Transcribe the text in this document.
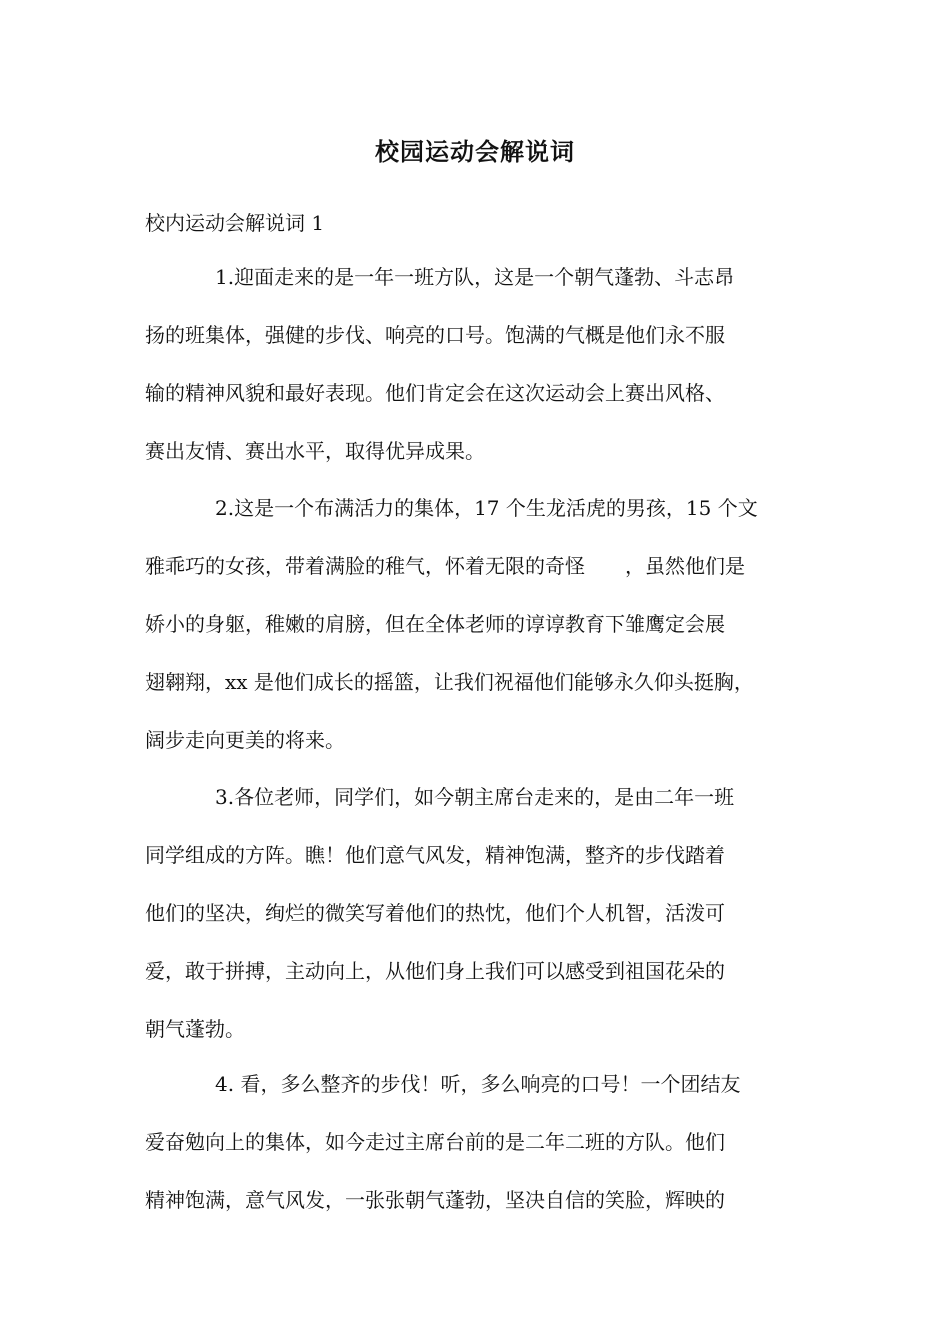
校园运动会解说词
校内运动会解说词 1
1.迎面走来的是一年一班方队，这是一个朝气蓬勃、斗志昂
扬的班集体，强健的步伐、响亮的口号。饱满的气概是他们永不服
输的精神风貌和最好表现。他们肯定会在这次运动会上赛出风格、
赛出友情、赛出水平，取得优异成果。
2.这是一个布满活力的集体，17 个生龙活虎的男孩，15 个文
雅乖巧的女孩，带着满脸的稚气，怀着无限的奇怪　　，虽然他们是
娇小的身躯，稚嫩的肩膀，但在全体老师的谆谆教育下雏鹰定会展
翅翱翔，xx 是他们成长的摇篮，让我们祝福他们能够永久仰头挺胸，
阔步走向更美的将来。
3.各位老师，同学们，如今朝主席台走来的，是由二年一班
同学组成的方阵。瞧！他们意气风发，精神饱满，整齐的步伐踏着
他们的坚决，绚烂的微笑写着他们的热忱，他们个人机智，活泼可
爱，敢于拼搏，主动向上，从他们身上我们可以感受到祖国花朵的
朝气蓬勃。
4. 看，多么整齐的步伐！听，多么响亮的口号！一个团结友
爱奋勉向上的集体，如今走过主席台前的是二年二班的方队。他们
精神饱满，意气风发，一张张朝气蓬勃，坚决自信的笑脸，辉映的
